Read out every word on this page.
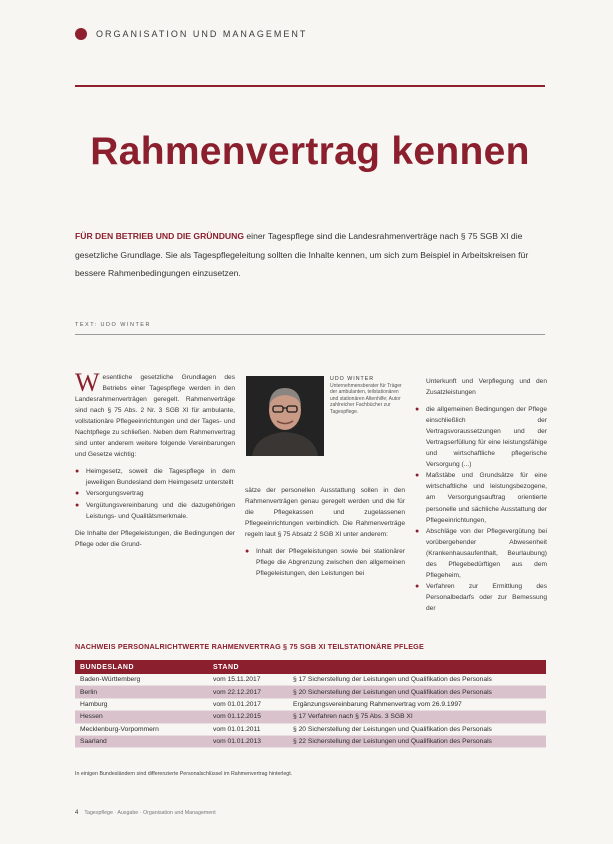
ORGANISATION UND MANAGEMENT
Rahmenvertrag kennen
FÜR DEN BETRIEB UND DIE GRÜNDUNG einer Tagespflege sind die Landesrahmenverträge nach § 75 SGB XI die gesetzliche Grundlage. Sie als Tagespflegeleitung sollten die Inhalte kennen, um sich zum Beispiel in Arbeitskreisen für bessere Rahmenbedingungen einzusetzen.
TEXT: UDO WINTER

Wesentliche gesetzliche Grundlagen des Betriebs einer Tagespflege werden in den Landesrahmenverträgen geregelt. Rahmenverträge sind nach § 75 Abs. 2 Nr. 3 SGB XI für ambulante, vollstationäre Pflegeeinrichtungen und der Tages- und Nachtpflege zu schließen. Neben dem Rahmenvertrag sind unter anderem weitere folgende Vereinbarungen und Gesetze wichtig:

● Heimgesetz, soweit die Tagespflege in dem jeweiligen Bundesland dem Heimgesetz unterstellt
● Versorgungsvertrag
● Vergütungsvereinbarung und die dazugehörigen Leistungs- und Qualitätsmerkmale.

Die Inhalte der Pflegeleistungen, die Bedingungen der Pflege oder die Grund-

UDO WINTER
Unternehmensberater für Träger der ambulanten, teilstationären und stationären Altenhilfe; Autor zahlreicher Fachbücher zur Tagespflege.

sätze der personellen Ausstattung sollen in den Rahmenverträgen genau geregelt werden und die für die Pflegekassen und zugelassenen Pflegeeinrichtungen verbindlich. Die Rahmenverträge regeln laut § 75 Absatz 2 SGB XI unter anderem:

● Inhalt der Pflegeleistungen sowie bei stationärer Pflege die Abgrenzung zwischen den allgemeinen Pflegeleistungen, den Leistungen bei

Unterkunft und Verpflegung und den Zusatzleistungen

● die allgemeinen Bedingungen der Pflege einschließlich der Vertragsvoraussetzungen und der Vertragserfüllung für eine leistungsfähige und wirtschaftliche pflegerische Versorgung (...)
● Maßstäbe und Grundsätze für eine wirtschaftliche und leistungsbezogene, am Versorgungsauftrag orientierte personelle und sächliche Ausstattung der Pflegeeinrichtungen,
● Abschläge von der Pflegevergütung bei vorübergehender Abwesenheit (Krankenhausaufenthalt, Beurlaubung) des Pflegebedürftigen aus dem Pflegeheim,
● Verfahren zur Ermittlung des Personalbedarfs oder zur Bemessung der
NACHWEIS PERSONALRICHTWERTE RAHMENVERTRAG § 75 SGB XI TEILSTATIONÄRE PFLEGE
BUNDESLAND	STAND	
Baden-Württemberg	vom 15.11.2017	§ 17 Sicherstellung der Leistungen und Qualifikation des Personals
Berlin	vom 22.12.2017	§ 20 Sicherstellung der Leistungen und Qualifikation des Personals
Hamburg	vom 01.01.2017	Ergänzungsvereinbarung Rahmenvertrag vom 26.9.1997
Hessen	vom 01.12.2015	§ 17 Verfahren nach § 75 Abs. 3 SGB XI
Mecklenburg-Vorpommern	vom 01.01.2011	§ 20 Sicherstellung der Leistungen und Qualifikation des Personals
Saarland	vom 01.01.2013	§ 22 Sicherstellung der Leistungen und Qualifikation des Personals
In einigen Bundesländern sind differenzierte Personalschlüssel im Rahmenvertrag hinterlegt.
4 Tagespflege · Ausgabe · Organisation und Management
